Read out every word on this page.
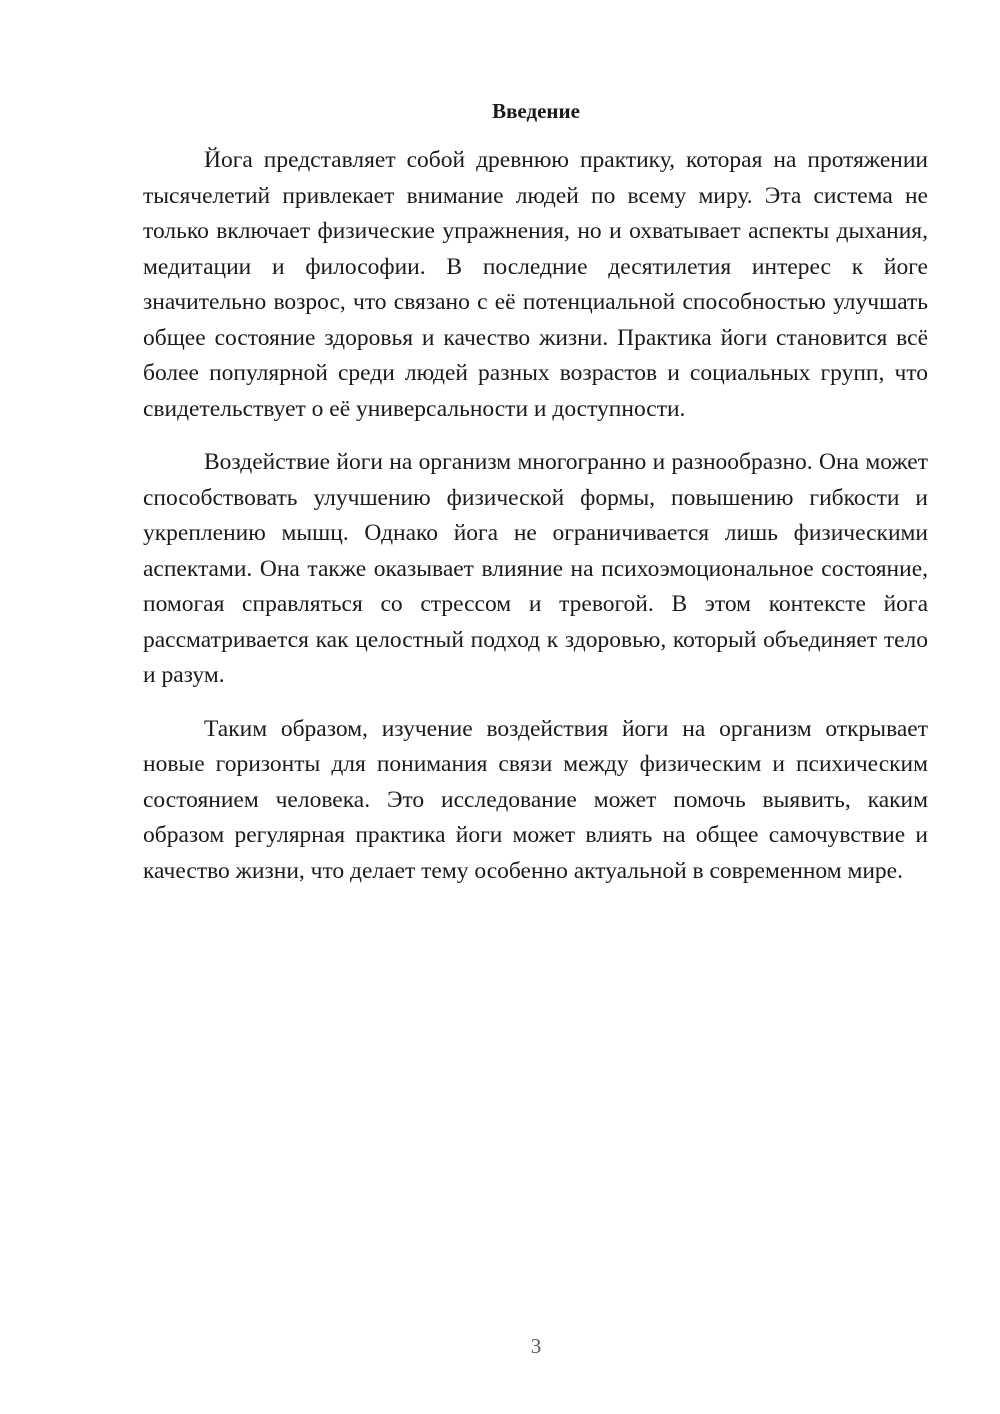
Введение

Йога представляет собой древнюю практику, которая на протяжении тысячелетий привлекает внимание людей по всему миру. Эта система не только включает физические упражнения, но и охватывает аспекты дыхания, медитации и философии. В последние десятилетия интерес к йоге значительно возрос, что связано с её потенциальной способностью улучшать общее состояние здоровья и качество жизни. Практика йоги становится всё более популярной среди людей разных возрастов и социальных групп, что свидетельствует о её универсальности и доступности.

Воздействие йоги на организм многогранно и разнообразно. Она может способствовать улучшению физической формы, повышению гибкости и укреплению мышц. Однако йога не ограничивается лишь физическими аспектами. Она также оказывает влияние на психоэмоциональное состояние, помогая справляться со стрессом и тревогой. В этом контексте йога рассматривается как целостный подход к здоровью, который объединяет тело и разум.

Таким образом, изучение воздействия йоги на организм открывает новые горизонты для понимания связи между физическим и психическим состоянием человека. Это исследование может помочь выявить, каким образом регулярная практика йоги может влиять на общее самочувствие и качество жизни, что делает тему особенно актуальной в современном мире.

3
